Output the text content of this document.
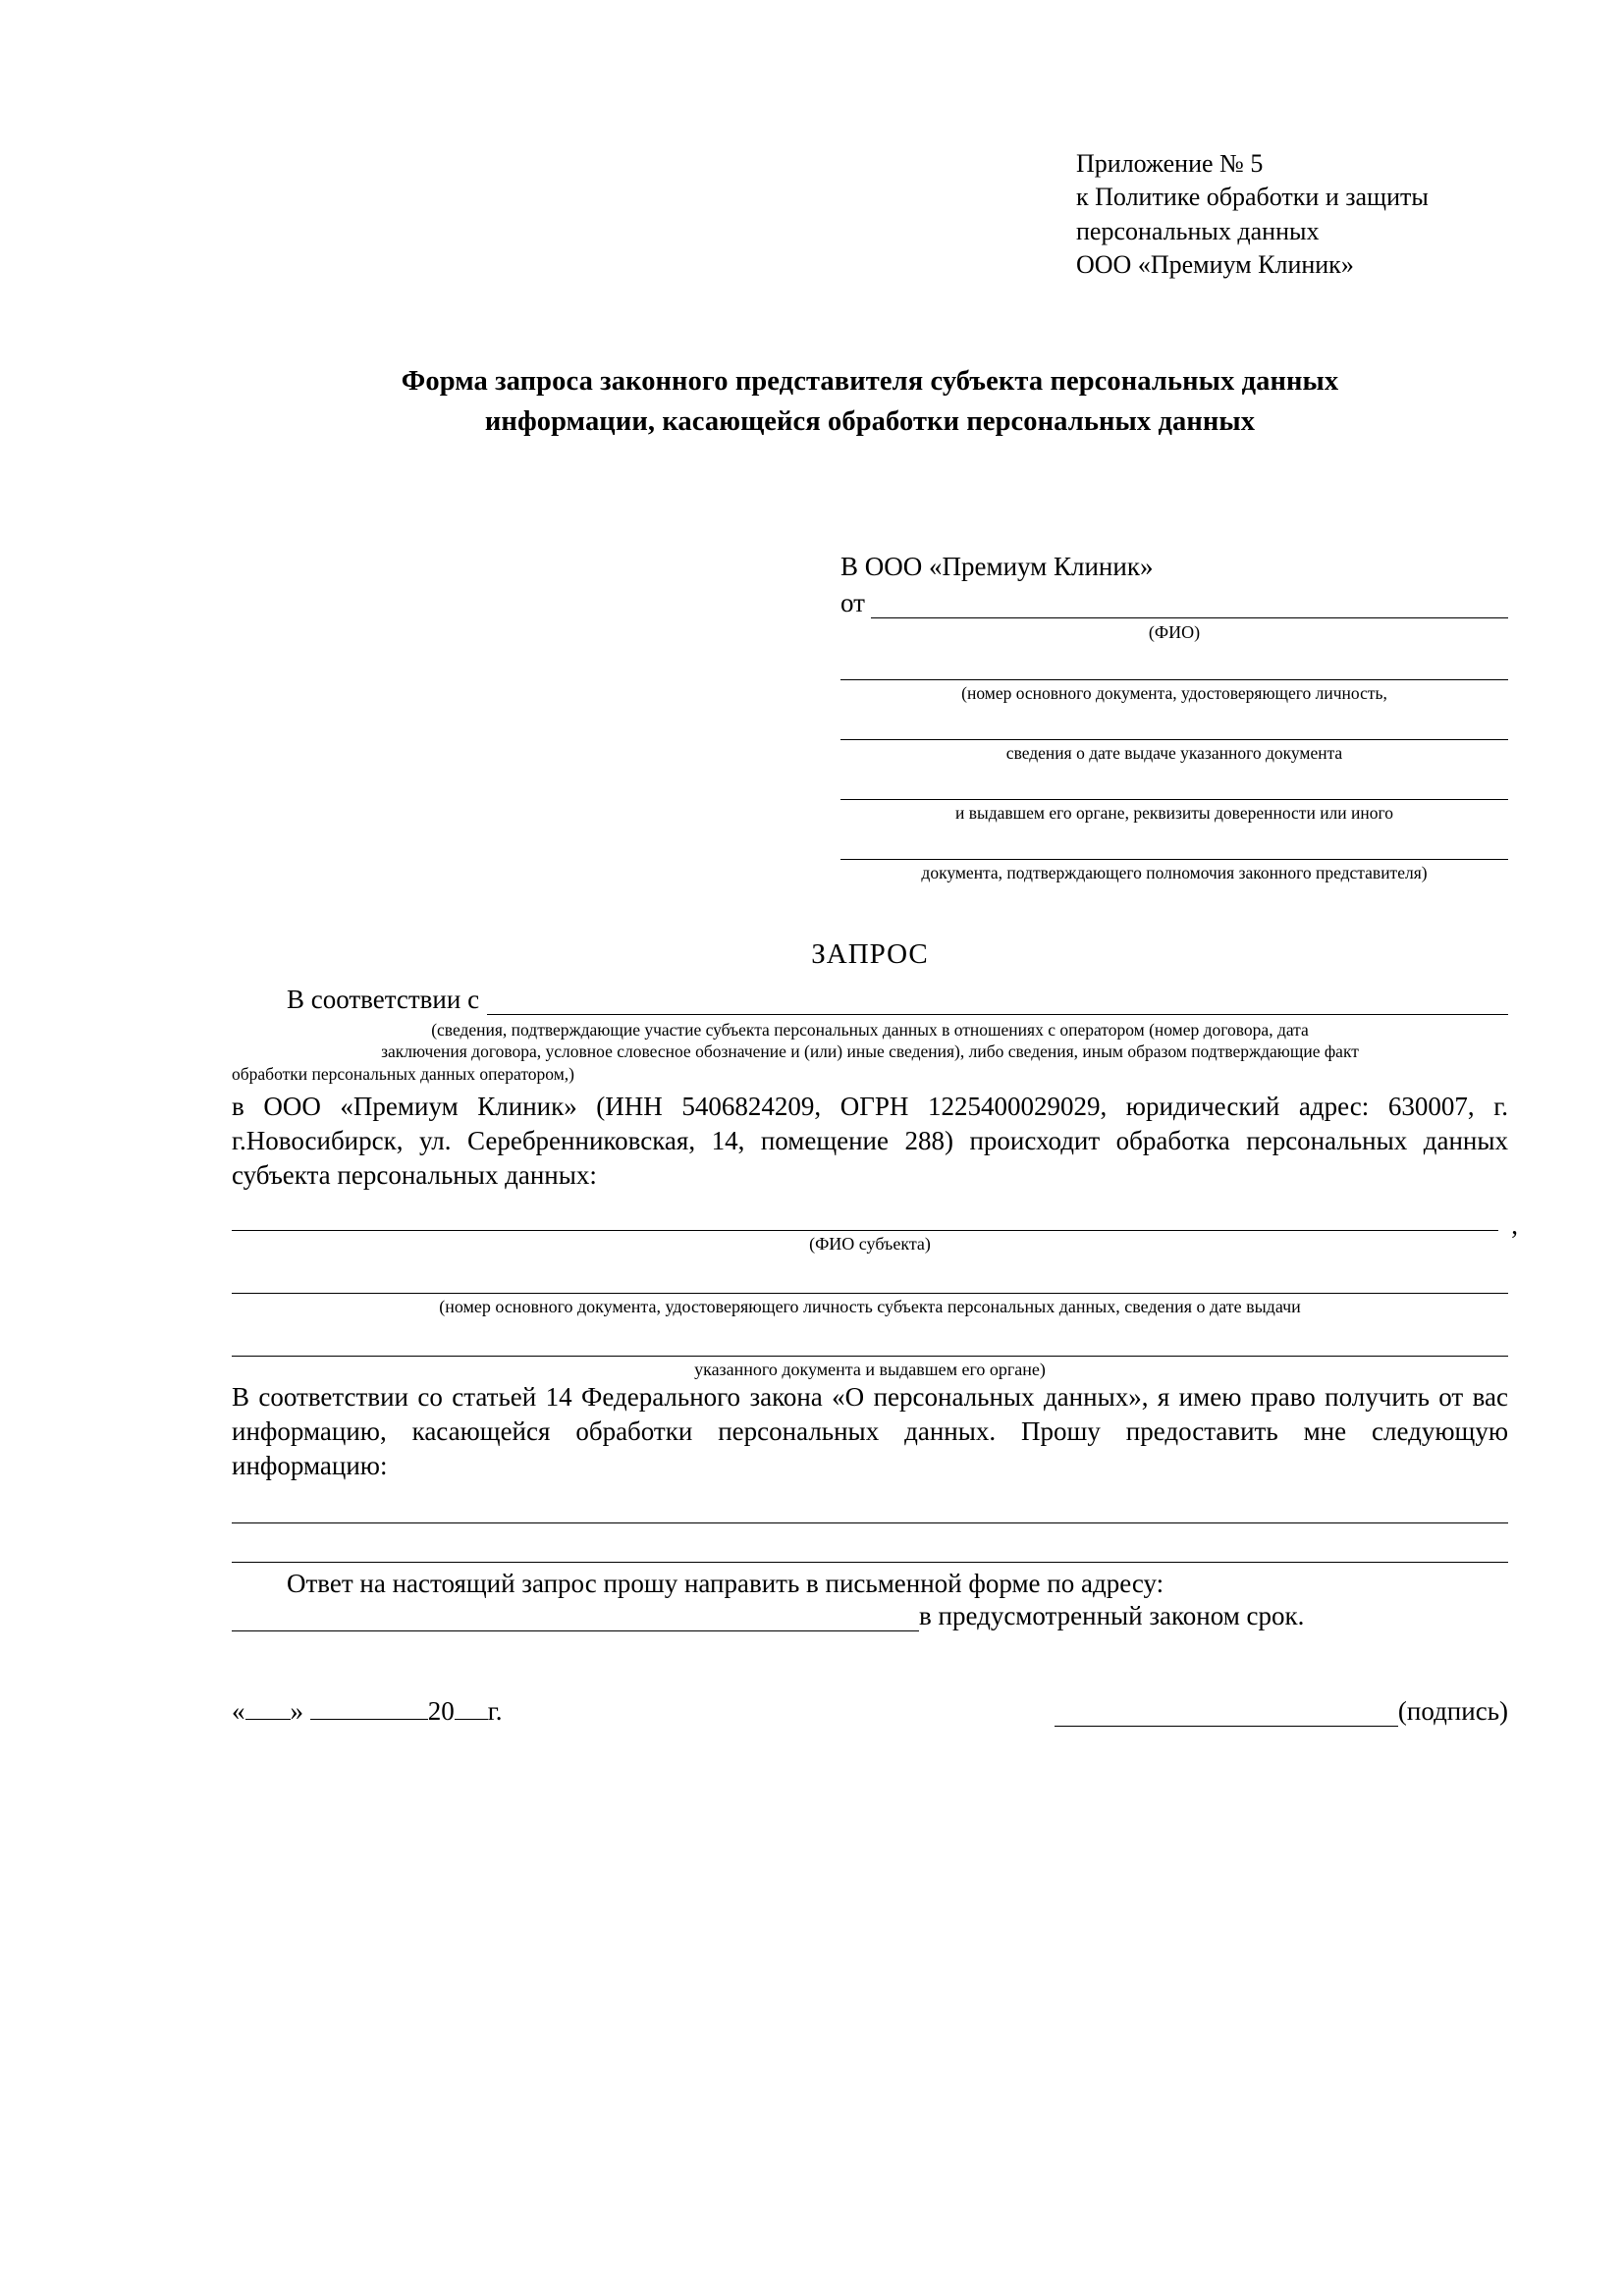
Приложение № 5
к Политике обработки и защиты
персональных данных
ООО «Премиум Клиник»
Форма запроса законного представителя субъекта персональных данных
информации, касающейся обработки персональных данных
В ООО «Премиум Клиник»
от
(ФИО)
(номер основного документа, удостоверяющего личность,
сведения о дате выдаче указанного документа
и выдавшем его органе, реквизиты доверенности или иного
документа, подтверждающего полномочия законного представителя)
ЗАПРОС
В соответствии с
(сведения, подтверждающие участие субъекта персональных данных в отношениях с оператором (номер договора, дата
заключения договора, условное словесное обозначение и (или) иные сведения), либо сведения, иным образом подтверждающие факт
обработки персональных данных оператором,)
в ООО «Премиум Клиник» (ИНН 5406824209, ОГРН 1225400029029, юридический адрес: 630007, г. г.Новосибирск, ул. Серебренниковская, 14, помещение 288) происходит обработка персональных данных субъекта персональных данных:
,
(ФИО субъекта)
(номер основного документа, удостоверяющего личность субъекта персональных данных, сведения о дате выдачи
указанного документа и выдавшем его органе)
В соответствии со статьей 14 Федерального закона «О персональных данных», я имею право получить от вас информацию, касающейся обработки персональных данных. Прошу предоставить мне следующую информацию:
Ответ на настоящий запрос прошу направить в письменной форме по адресу:
в предусмотренный законом срок.
« »	20 г.	(подпись)
